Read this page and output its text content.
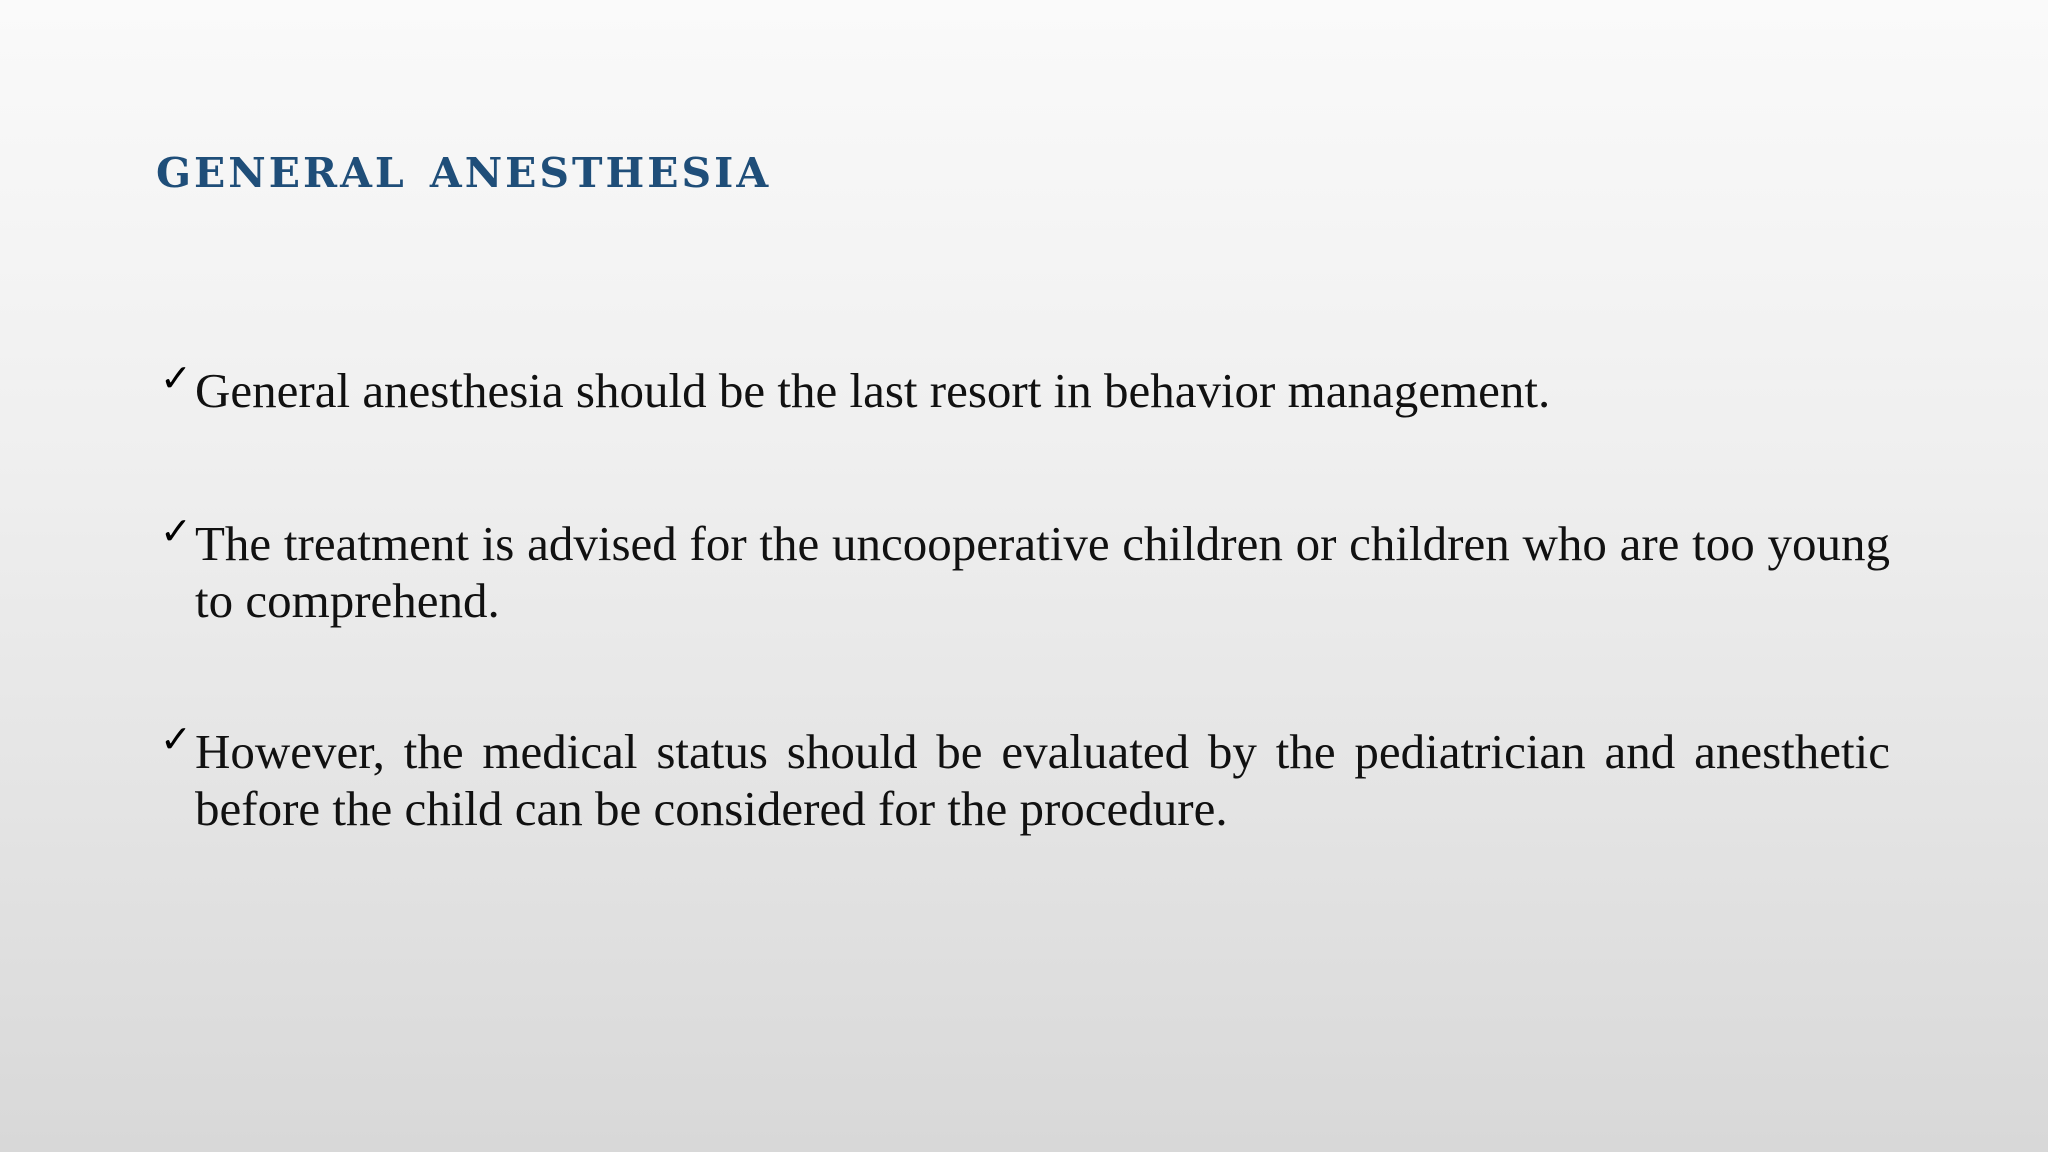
general anesthesia
✓ General anesthesia should be the last resort in behavior management.
✓ The treatment is advised for the uncooperative children or children who are too young to comprehend.
✓ However, the medical status should be evaluated by the pediatrician and anesthetic before the child can be considered for the procedure.
